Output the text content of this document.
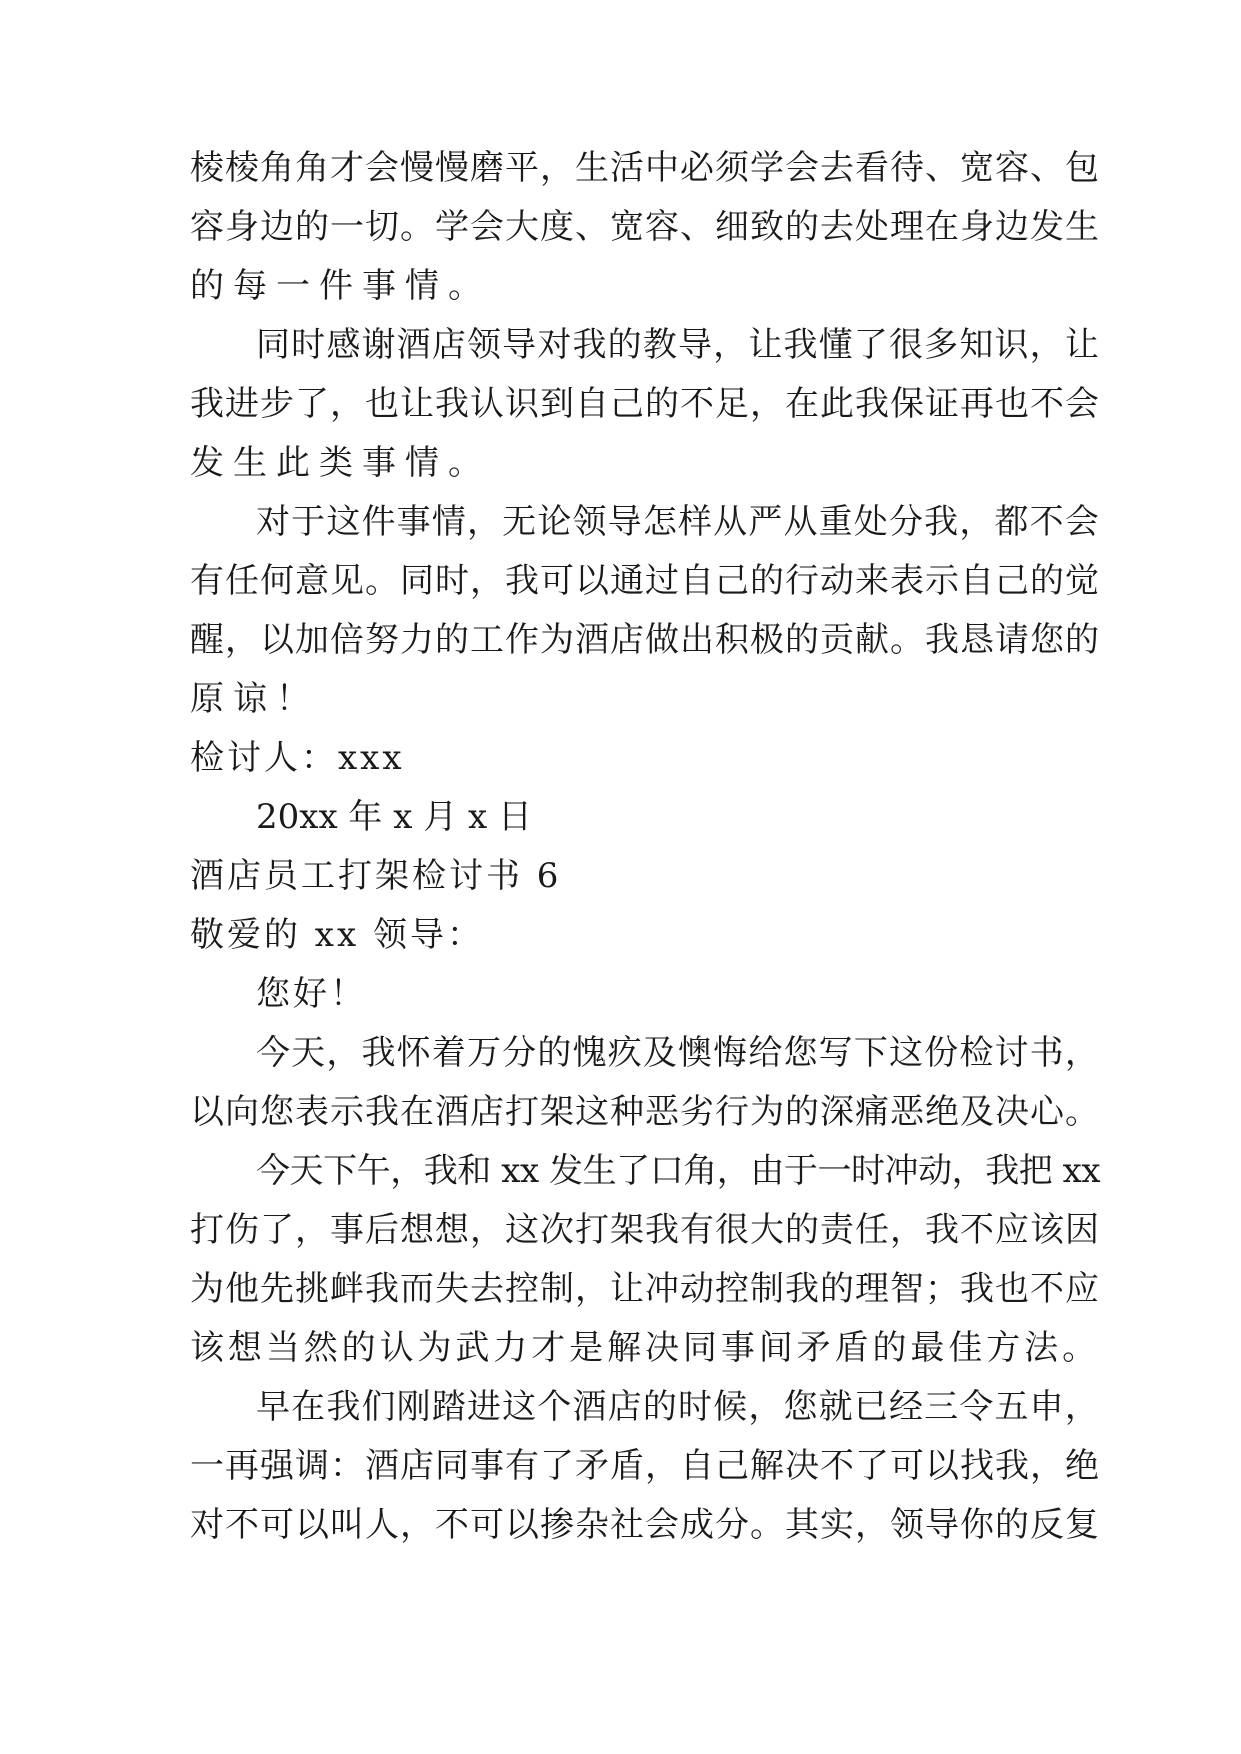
棱棱角角才会慢慢磨平，生活中必须学会去看待、宽容、包
容身边的一切。学会大度、宽容、细致的去处理在身边发生
的每一件事情。
同时感谢酒店领导对我的教导，让我懂了很多知识，让
我进步了，也让我认识到自己的不足，在此我保证再也不会
发生此类事情。
对于这件事情，无论领导怎样从严从重处分我，都不会
有任何意见。同时，我可以通过自己的行动来表示自己的觉
醒，以加倍努力的工作为酒店做出积极的贡献。我恳请您的
原谅！
检讨人：xxx
20xx 年 x 月 x 日
酒店员工打架检讨书 6
敬爱的 xx 领导：
您好！
今天，我怀着万分的愧疚及懊悔给您写下这份检讨书，
以向您表示我在酒店打架这种恶劣行为的深痛恶绝及决心。
今天下午，我和 xx 发生了口角，由于一时冲动，我把 xx
打伤了，事后想想，这次打架我有很大的责任，我不应该因
为他先挑衅我而失去控制，让冲动控制我的理智；我也不应
该想当然的认为武力才是解决同事间矛盾的最佳方法。
早在我们刚踏进这个酒店的时候，您就已经三令五申，
一再强调：酒店同事有了矛盾，自己解决不了可以找我，绝
对不可以叫人，不可以掺杂社会成分。其实，领导你的反复
